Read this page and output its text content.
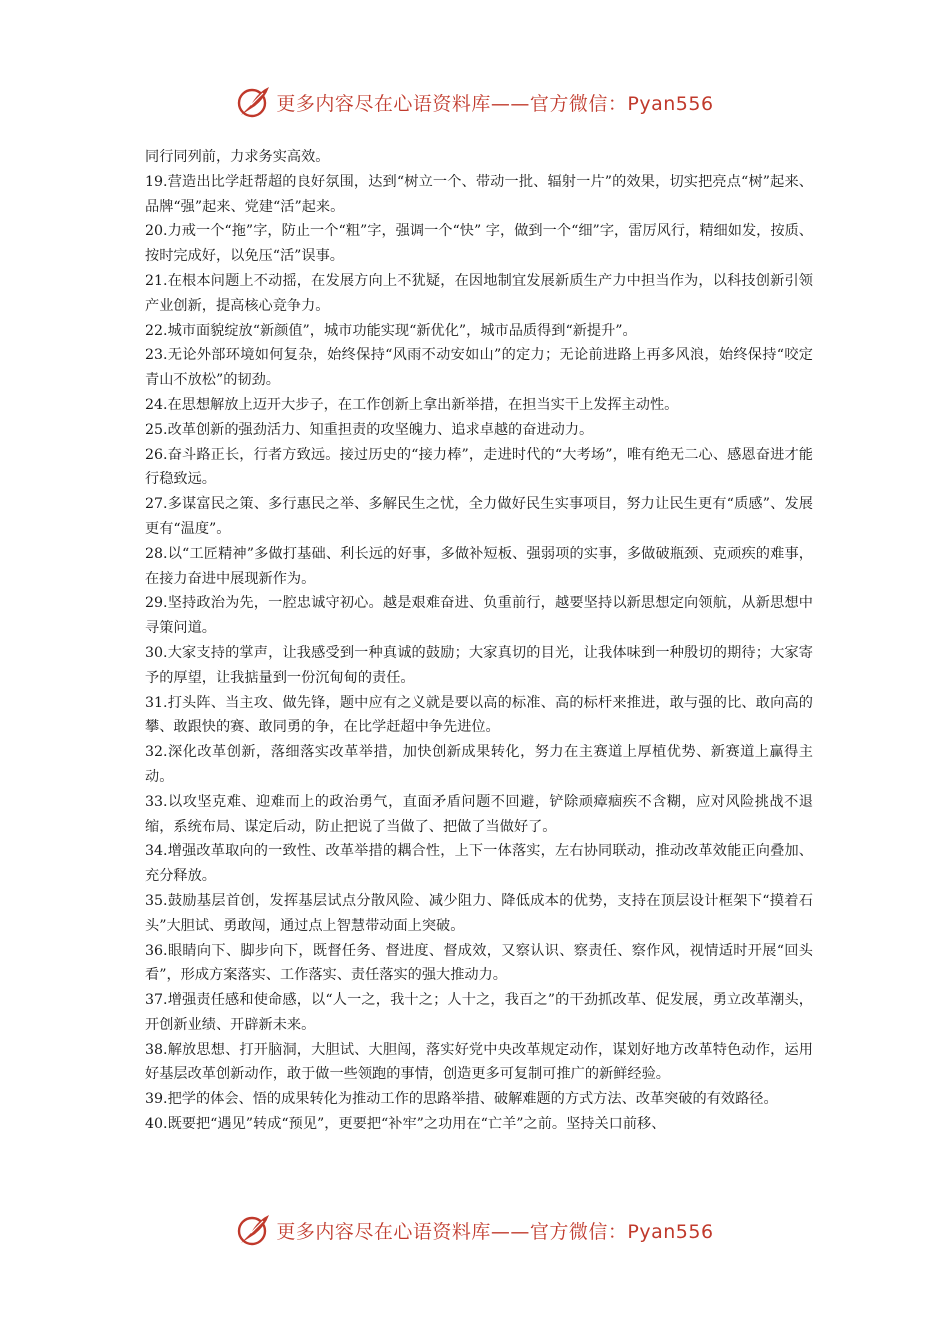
更多内容尽在心语资料库——官方微信：Pyan556

同行同列前，力求务实高效。

19.营造出比学赶帮超的良好氛围，达到“树立一个、带动一批、辐射一片”的效果，切实把亮点“树”起来、品牌“强”起来、党建“活”起来。

20.力戒一个“拖”字，防止一个“粗”字，强调一个“快” 字，做到一个“细”字，雷厉风行，精细如发，按质、按时完成好，以免压“活”误事。

21.在根本问题上不动摇，在发展方向上不犹疑，在因地制宜发展新质生产力中担当作为，以科技创新引领产业创新，提高核心竞争力。

22.城市面貌绽放“新颜值”，城市功能实现“新优化”，城市品质得到“新提升”。

23.无论外部环境如何复杂，始终保持“风雨不动安如山”的定力；无论前进路上再多风浪，始终保持“咬定青山不放松”的韧劲。

24.在思想解放上迈开大步子，在工作创新上拿出新举措，在担当实干上发挥主动性。

25.改革创新的强劲活力、知重担责的攻坚魄力、追求卓越的奋进动力。

26.奋斗路正长，行者方致远。接过历史的“接力棒”，走进时代的“大考场”，唯有绝无二心、感恩奋进才能行稳致远。

27.多谋富民之策、多行惠民之举、多解民生之忧，全力做好民生实事项目，努力让民生更有“质感”、发展更有“温度”。

28.以“工匠精神”多做打基础、利长远的好事，多做补短板、强弱项的实事，多做破瓶颈、克顽疾的难事，在接力奋进中展现新作为。

29.坚持政治为先，一腔忠诚守初心。越是艰难奋进、负重前行，越要坚持以新思想定向领航，从新思想中寻策问道。

30.大家支持的掌声，让我感受到一种真诚的鼓励；大家真切的目光，让我体味到一种殷切的期待；大家寄予的厚望，让我掂量到一份沉甸甸的责任。

31.打头阵、当主攻、做先锋，题中应有之义就是要以高的标准、高的标杆来推进，敢与强的比、敢向高的攀、敢跟快的赛、敢同勇的争，在比学赶超中争先进位。

32.深化改革创新，落细落实改革举措，加快创新成果转化，努力在主赛道上厚植优势、新赛道上赢得主动。

33.以攻坚克难、迎难而上的政治勇气，直面矛盾问题不回避，铲除顽瘴痼疾不含糊，应对风险挑战不退缩，系统布局、谋定后动，防止把说了当做了、把做了当做好了。

34.增强改革取向的一致性、改革举措的耦合性，上下一体落实，左右协同联动，推动改革效能正向叠加、充分释放。

35.鼓励基层首创，发挥基层试点分散风险、减少阻力、降低成本的优势，支持在顶层设计框架下“摸着石头”大胆试、勇敢闯，通过点上智慧带动面上突破。

36.眼睛向下、脚步向下，既督任务、督进度、督成效，又察认识、察责任、察作风，视情适时开展“回头看”，形成方案落实、工作落实、责任落实的强大推动力。

37.增强责任感和使命感，以“人一之，我十之；人十之，我百之”的干劲抓改革、促发展，勇立改革潮头，开创新业绩、开辟新未来。

38.解放思想、打开脑洞，大胆试、大胆闯，落实好党中央改革规定动作，谋划好地方改革特色动作，运用好基层改革创新动作，敢于做一些领跑的事情，创造更多可复制可推广的新鲜经验。

39.把学的体会、悟的成果转化为推动工作的思路举措、破解难题的方式方法、改革突破的有效路径。

40.既要把“遇见”转成“预见”，更要把“补牢”之功用在“亡羊”之前。坚持关口前移、

更多内容尽在心语资料库——官方微信：Pyan556
